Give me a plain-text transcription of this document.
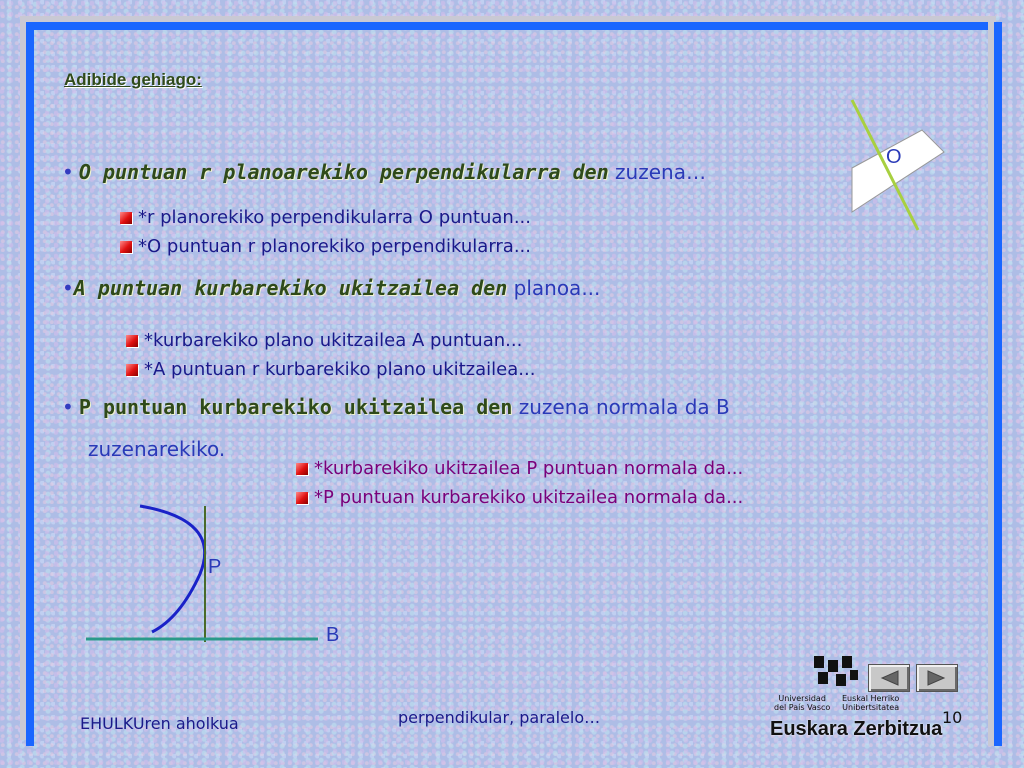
Adibide gehiago:
• O puntuan r planoarekiko perpendikularra den zuzena…
*r planorekiko perpendikularra O puntuan...
*O puntuan r planorekiko perpendikularra...
•A puntuan kurbarekiko ukitzailea den planoa...
*kurbarekiko plano ukitzailea A puntuan...
*A puntuan r kurbarekiko plano ukitzailea...
• P puntuan kurbarekiko ukitzailea den zuzena normala da B
zuzenarekiko.
*kurbarekiko ukitzailea P puntuan normala da...
*P puntuan kurbarekiko ukitzailea normala da...
O
P
B
EHULKUren aholkua	perpendikular, paralelo…	10
Universidad
del País Vasco
Euskal Herriko
Unibertsitatea
Euskara Zerbitzua
